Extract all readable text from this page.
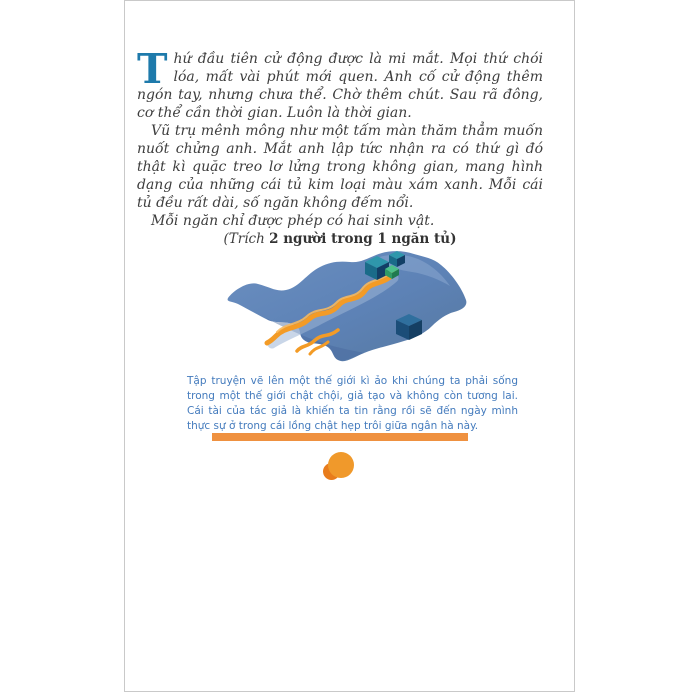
Thứ đầu tiên cử động được là mi mắt. Mọi thứ chói lóa, mất vài phút mới quen. Anh cố cử động thêm ngón tay, nhưng chưa thể. Chờ thêm chút. Sau rã đông, cơ thể cần thời gian. Luôn là thời gian.

Vũ trụ mênh mông như một tấm màn thăm thẳm muốn nuốt chửng anh. Mắt anh lập tức nhận ra có thứ gì đó thật kì quặc treo lơ lửng trong không gian, mang hình dạng của những cái tủ kim loại màu xám xanh. Mỗi cái tủ đều rất dài, số ngăn không đếm nổi.

Mỗi ngăn chỉ được phép có hai sinh vật.

(Trích 2 người trong 1 ngăn tủ)

Tập truyện vẽ lên một thế giới kì ảo khi chúng ta phải sống trong một thế giới chật chội, giả tạo và không còn tương lai. Cái tài của tác giả là khiến ta tin rằng rồi sẽ đến ngày mình thực sự ở trong cái lồng chật hẹp trôi giữa ngân hà này.
